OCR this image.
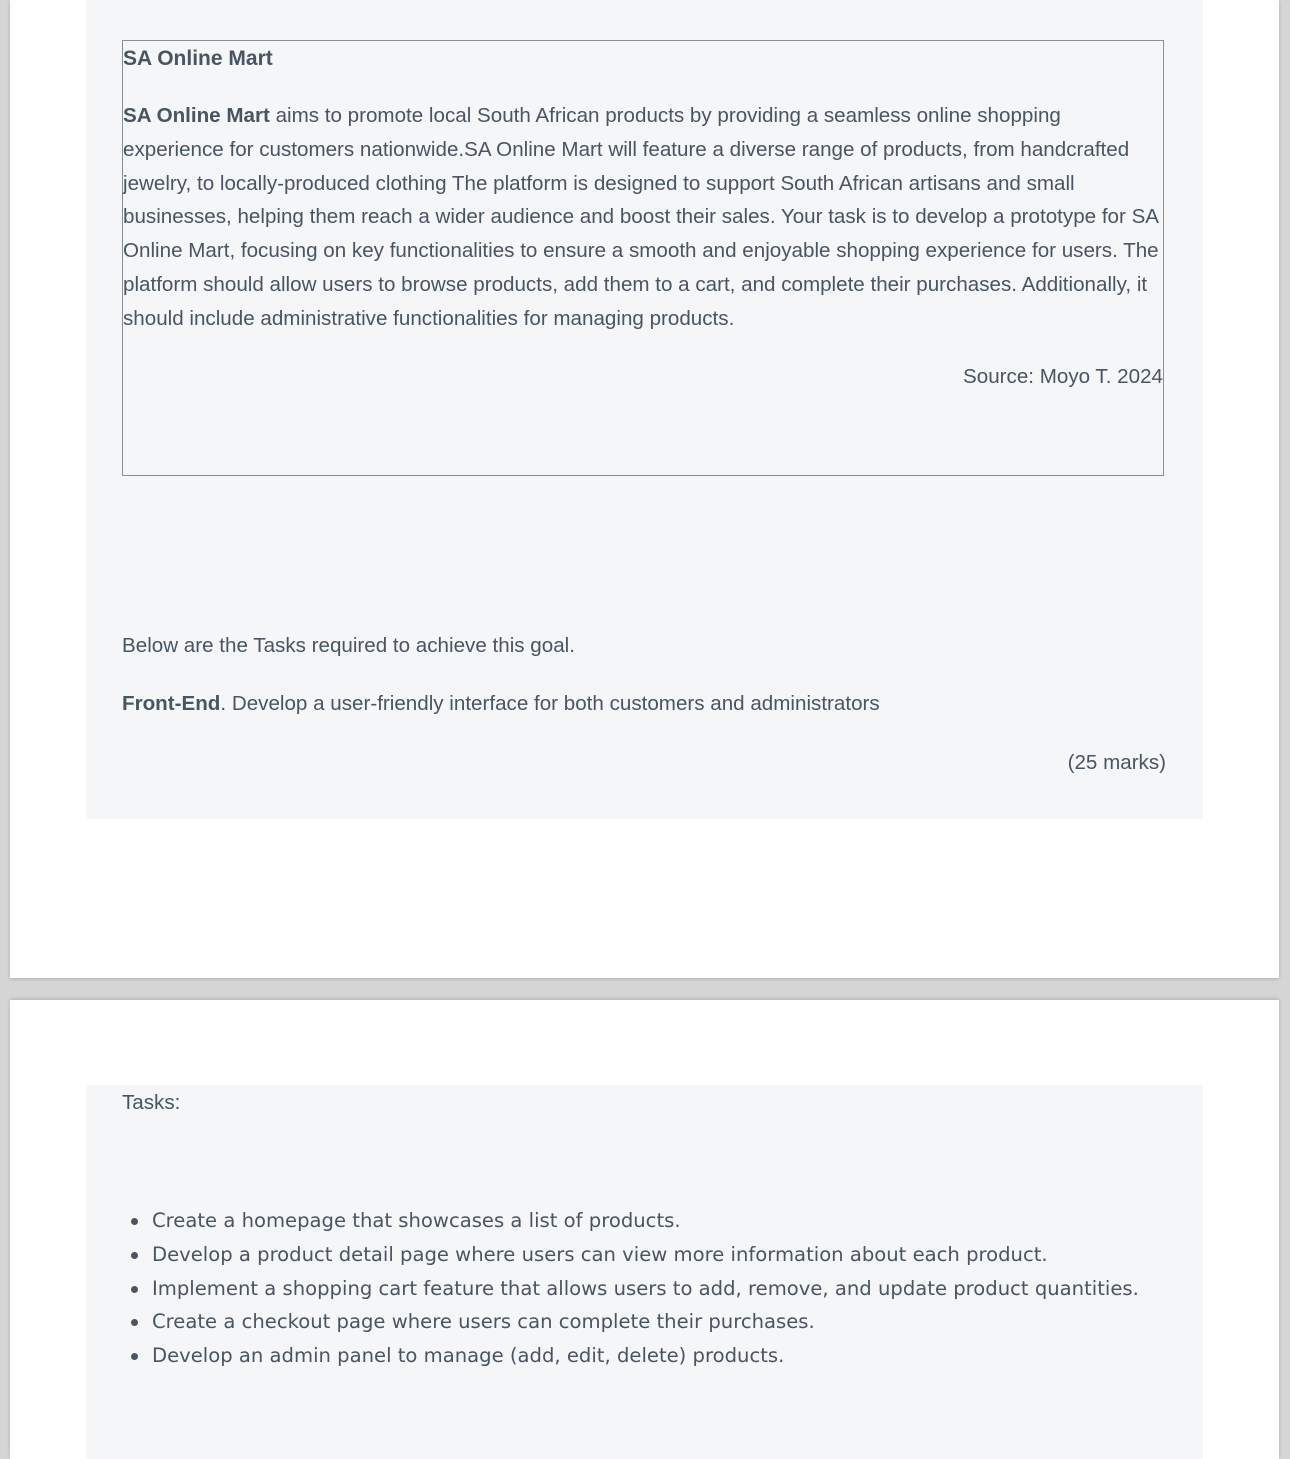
SA Online Mart

SA Online Mart aims to promote local South African products by providing a seamless online shopping experience for customers nationwide.SA Online Mart will feature a diverse range of products, from handcrafted jewelry, to locally-produced clothing The platform is designed to support South African artisans and small businesses, helping them reach a wider audience and boost their sales. Your task is to develop a prototype for SA Online Mart, focusing on key functionalities to ensure a smooth and enjoyable shopping experience for users. The platform should allow users to browse products, add them to a cart, and complete their purchases. Additionally, it should include administrative functionalities for managing products.

Source: Moyo T. 2024

Below are the Tasks required to achieve this goal.

Front-End. Develop a user-friendly interface for both customers and administrators

(25 marks)

Tasks:

Create a homepage that showcases a list of products.
Develop a product detail page where users can view more information about each product.
Implement a shopping cart feature that allows users to add, remove, and update product quantities.
Create a checkout page where users can complete their purchases.
Develop an admin panel to manage (add, edit, delete) products.
